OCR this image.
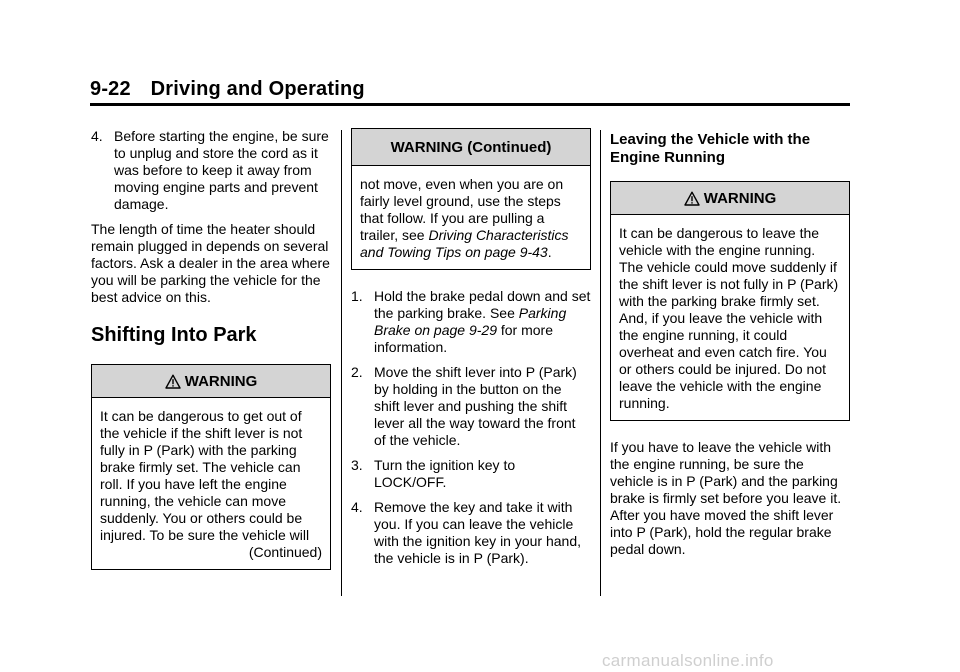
9-22 Driving and Operating
4. Before starting the engine, be sure to unplug and store the cord as it was before to keep it away from moving engine parts and prevent damage.

The length of time the heater should remain plugged in depends on several factors. Ask a dealer in the area where you will be parking the vehicle for the best advice on this.

Shifting Into Park
WARNING
It can be dangerous to get out of the vehicle if the shift lever is not fully in P (Park) with the parking brake firmly set. The vehicle can roll. If you have left the engine running, the vehicle can move suddenly. You or others could be injured. To be sure the vehicle will
(Continued)
WARNING (Continued)
not move, even when you are on fairly level ground, use the steps that follow. If you are pulling a trailer, see Driving Characteristics and Towing Tips on page 9-43.
1. Hold the brake pedal down and set the parking brake. See Parking Brake on page 9-29 for more information.
2. Move the shift lever into P (Park) by holding in the button on the shift lever and pushing the shift lever all the way toward the front of the vehicle.
3. Turn the ignition key to LOCK/OFF.
4. Remove the key and take it with you. If you can leave the vehicle with the ignition key in your hand, the vehicle is in P (Park).
Leaving the Vehicle with the Engine Running
WARNING
It can be dangerous to leave the vehicle with the engine running. The vehicle could move suddenly if the shift lever is not fully in P (Park) with the parking brake firmly set. And, if you leave the vehicle with the engine running, it could overheat and even catch fire. You or others could be injured. Do not leave the vehicle with the engine running.

If you have to leave the vehicle with the engine running, be sure the vehicle is in P (Park) and the parking brake is firmly set before you leave it. After you have moved the shift lever into P (Park), hold the regular brake pedal down.

carmanualsonline.info
